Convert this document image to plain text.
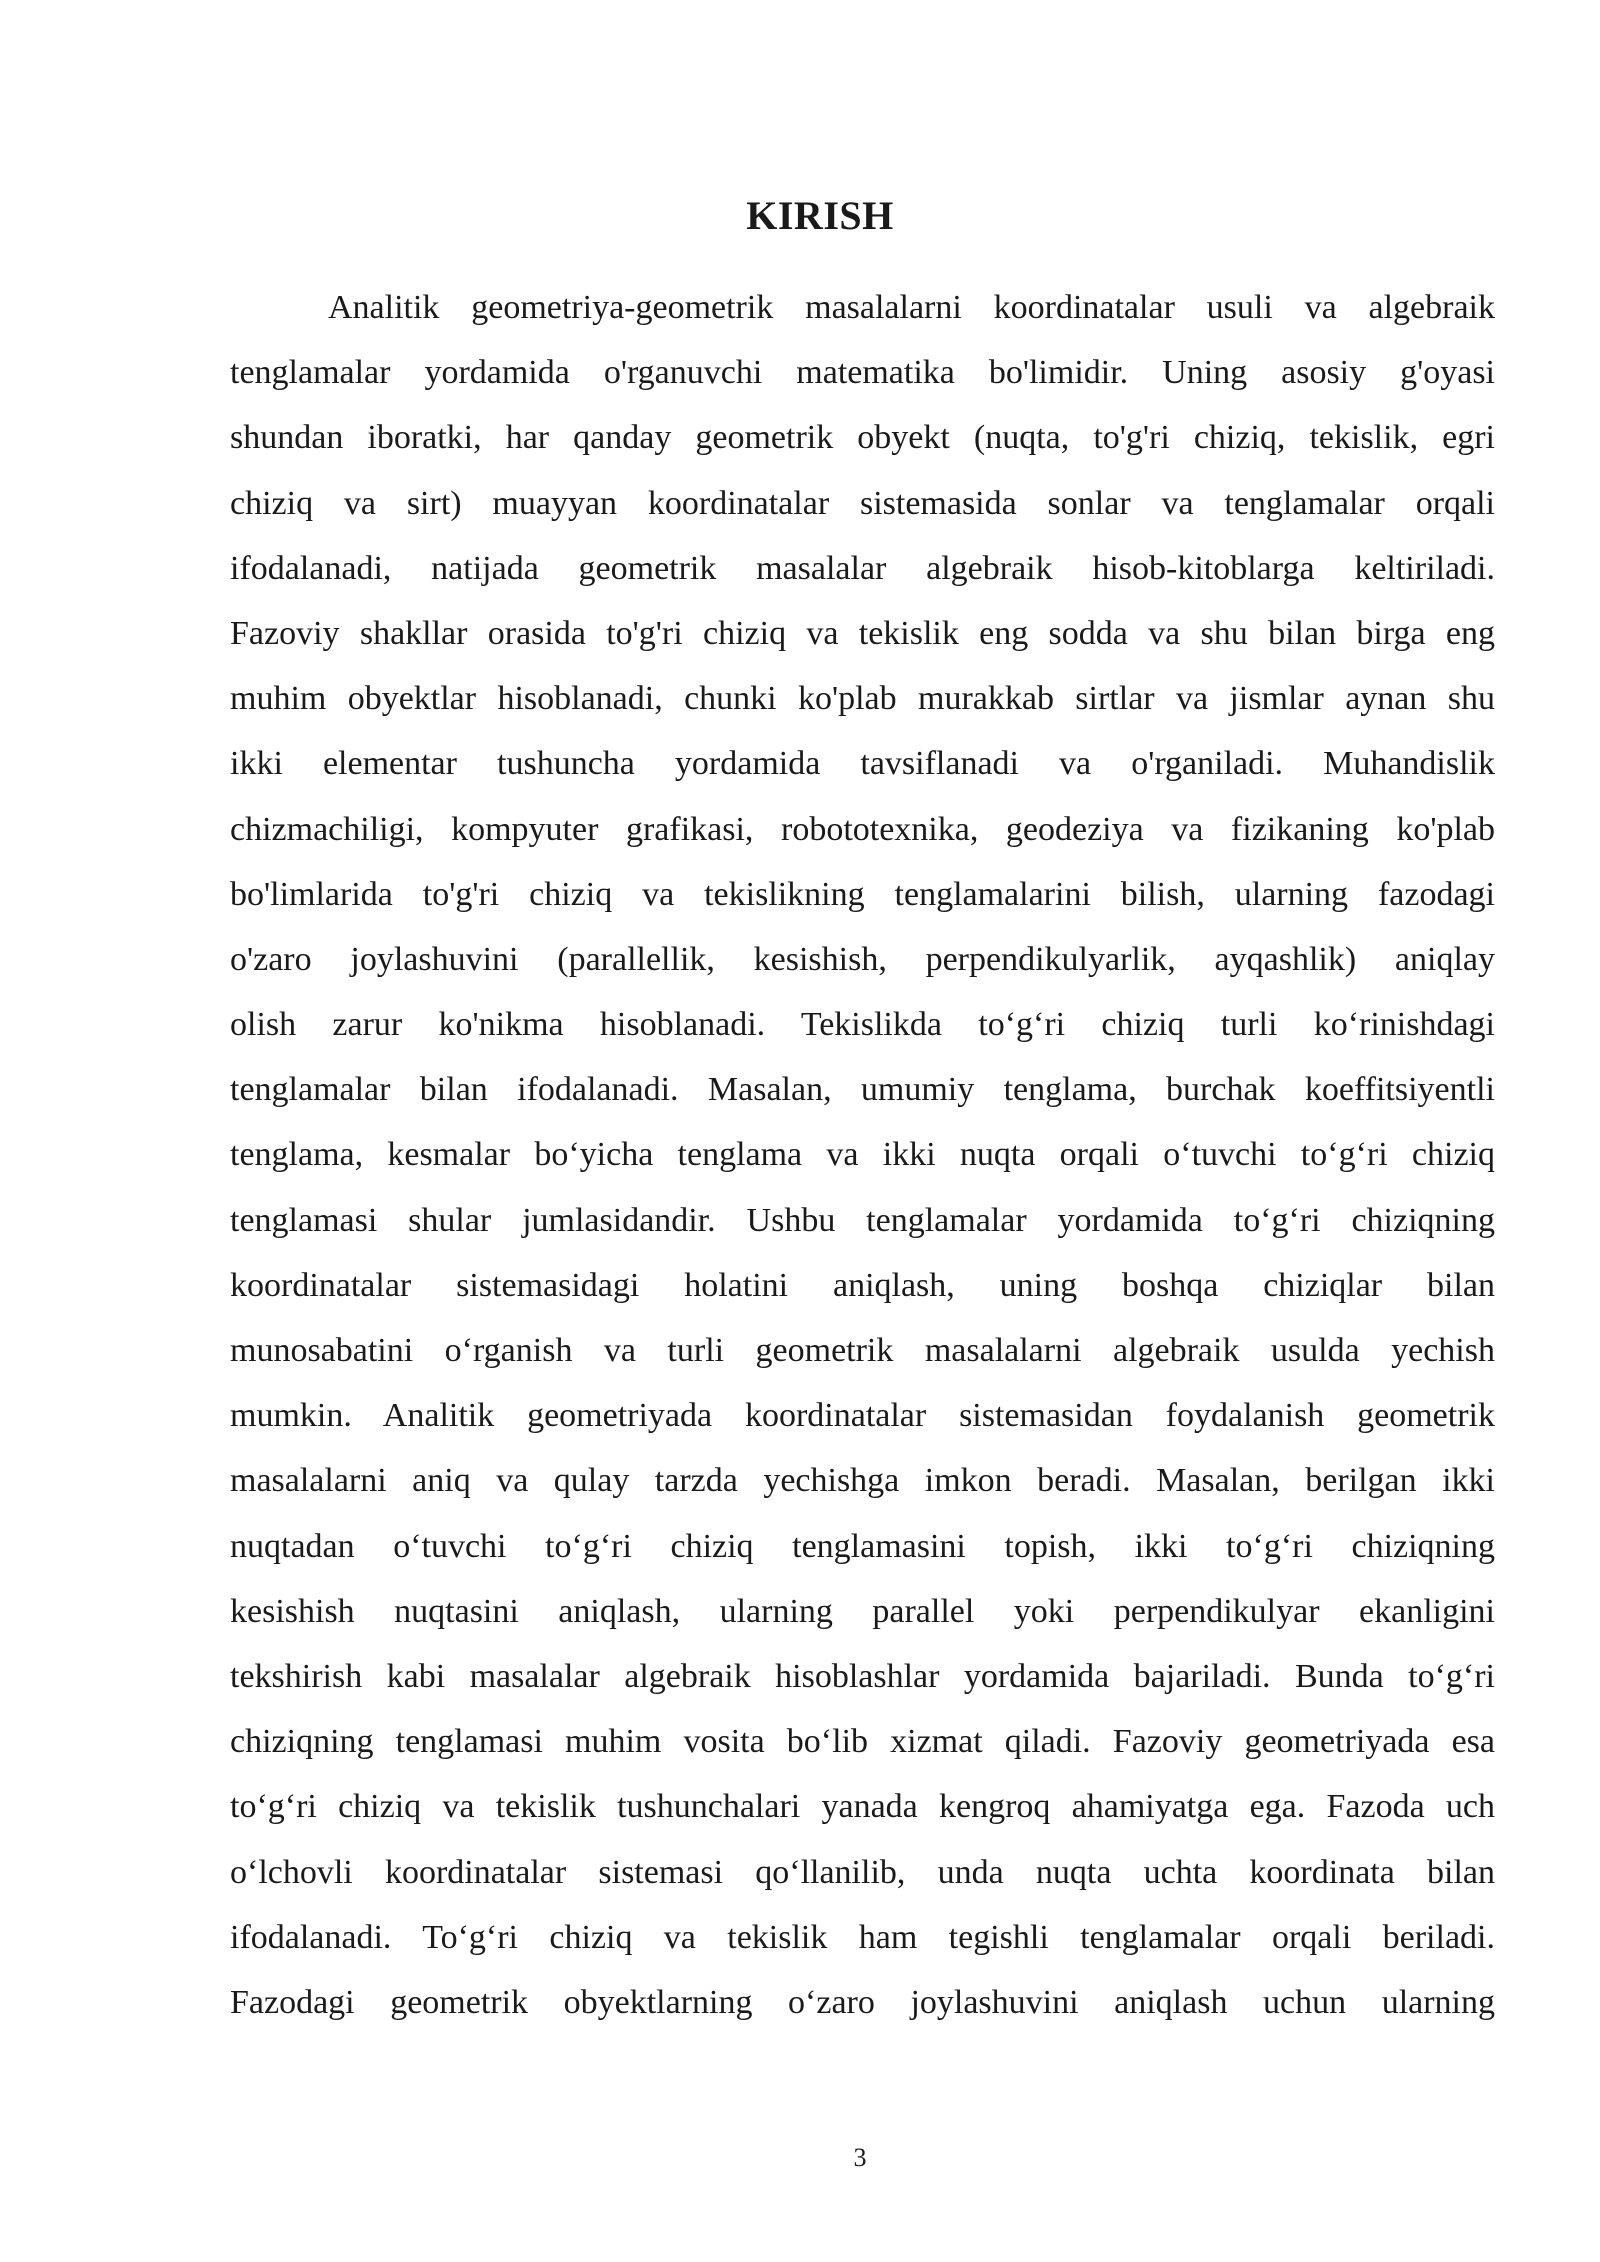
KIRISH
Analitik geometriya-geometrik masalalarni koordinatalar usuli va algebraik
tenglamalar yordamida o'rganuvchi matematika bo'limidir. Uning asosiy g'oyasi
shundan iboratki, har qanday geometrik obyekt (nuqta, to'g'ri chiziq, tekislik, egri
chiziq va sirt) muayyan koordinatalar sistemasida sonlar va tenglamalar orqali
ifodalanadi, natijada geometrik masalalar algebraik hisob-kitoblarga keltiriladi.
Fazoviy shakllar orasida to'g'ri chiziq va tekislik eng sodda va shu bilan birga eng
muhim obyektlar hisoblanadi, chunki ko'plab murakkab sirtlar va jismlar aynan shu
ikki elementar tushuncha yordamida tavsiflanadi va o'rganiladi. Muhandislik
chizmachiligi, kompyuter grafikasi, robototexnika, geodeziya va fizikaning ko'plab
bo'limlarida to'g'ri chiziq va tekislikning tenglamalarini bilish, ularning fazodagi
o'zaro joylashuvini (parallellik, kesishish, perpendikulyarlik, ayqashlik) aniqlay
olish zarur ko'nikma hisoblanadi. Tekislikda to‘g‘ri chiziq turli ko‘rinishdagi
tenglamalar bilan ifodalanadi. Masalan, umumiy tenglama, burchak koeffitsiyentli
tenglama, kesmalar bo‘yicha tenglama va ikki nuqta orqali o‘tuvchi to‘g‘ri chiziq
tenglamasi shular jumlasidandir. Ushbu tenglamalar yordamida to‘g‘ri chiziqning
koordinatalar sistemasidagi holatini aniqlash, uning boshqa chiziqlar bilan
munosabatini o‘rganish va turli geometrik masalalarni algebraik usulda yechish
mumkin. Analitik geometriyada koordinatalar sistemasidan foydalanish geometrik
masalalarni aniq va qulay tarzda yechishga imkon beradi. Masalan, berilgan ikki
nuqtadan o‘tuvchi to‘g‘ri chiziq tenglamasini topish, ikki to‘g‘ri chiziqning
kesishish nuqtasini aniqlash, ularning parallel yoki perpendikulyar ekanligini
tekshirish kabi masalalar algebraik hisoblashlar yordamida bajariladi. Bunda to‘g‘ri
chiziqning tenglamasi muhim vosita bo‘lib xizmat qiladi. Fazoviy geometriyada esa
to‘g‘ri chiziq va tekislik tushunchalari yanada kengroq ahamiyatga ega. Fazoda uch
o‘lchovli koordinatalar sistemasi qo‘llanilib, unda nuqta uchta koordinata bilan
ifodalanadi. To‘g‘ri chiziq va tekislik ham tegishli tenglamalar orqali beriladi.
Fazodagi geometrik obyektlarning o‘zaro joylashuvini aniqlash uchun ularning
3
